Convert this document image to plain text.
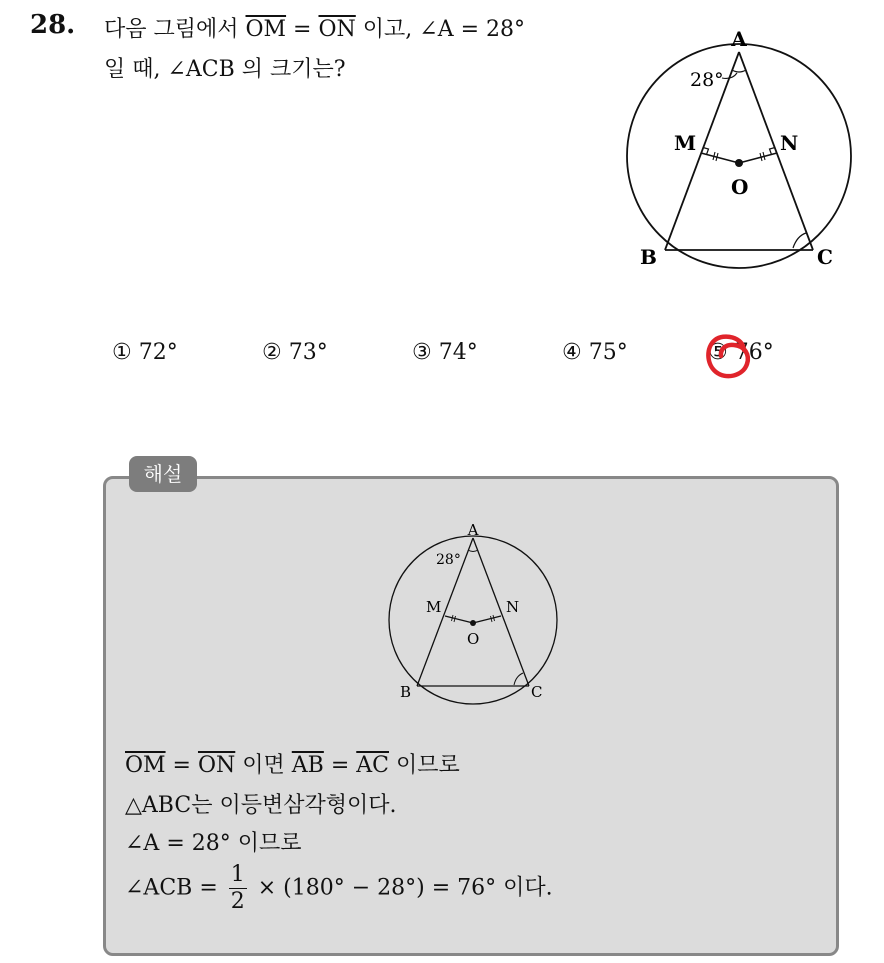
28. 다음 그림에서 $\overline{OM} = \overline{ON}$ 이고, ∠A = 28°
일 때, ∠ACB 의 크기는?
A
28°
M	N
O
B	C
① 72°	② 73°	③ 74°	④ 75°	⑤ 76°
해설
A
28°
M	N
O
B	C
$\overline{OM} = \overline{ON}$ 이면 $\overline{AB} = \overline{AC}$ 이므로
△ABC는 이등변삼각형이다.
∠A = 28° 이므로
∠ACB = $\frac{1}{2} \times (180^\circ - 28^\circ) = 76^\circ$ 이다.
